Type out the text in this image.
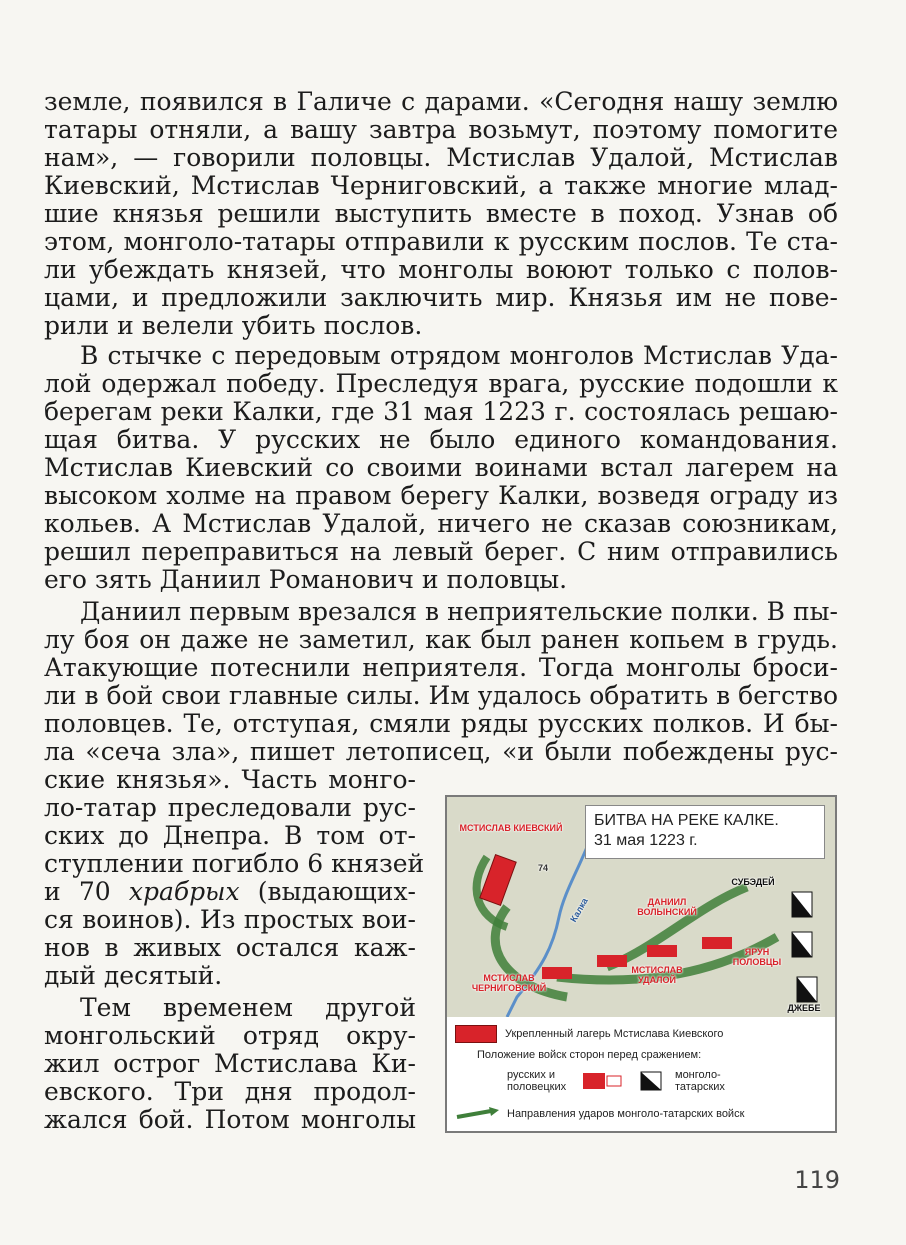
земле, появился в Галиче с дарами. «Сегодня нашу землю
татары отняли, а вашу завтра возьмут, поэтому помогите
нам», — говорили половцы. Мстислав Удалой, Мстислав
Киевский, Мстислав Черниговский, а также многие млад-
шие князья решили выступить вместе в поход. Узнав об
этом, монголо-татары отправили к русским послов. Те ста-
ли убеждать князей, что монголы воюют только с полов-
цами, и предложили заключить мир. Князья им не пове-
рили и велели убить послов.
В стычке с передовым отрядом монголов Мстислав Уда-
лой одержал победу. Преследуя врага, русские подошли к
берегам реки Калки, где 31 мая 1223 г. состоялась решаю-
щая битва. У русских не было единого командования.
Мстислав Киевский со своими воинами встал лагерем на
высоком холме на правом берегу Калки, возведя ограду из
кольев. А Мстислав Удалой, ничего не сказав союзникам,
решил переправиться на левый берег. С ним отправились
его зять Даниил Романович и половцы.
Даниил первым врезался в неприятельские полки. В пы-
лу боя он даже не заметил, как был ранен копьем в грудь.
Атакующие потеснили неприятеля. Тогда монголы броси-
ли в бой свои главные силы. Им удалось обратить в бегство
половцев. Те, отступая, смяли ряды русских полков. И бы-
ла «сеча зла», пишет летописец, «и были побеждены рус-
ские князья». Часть монго-
ло-татар преследовали рус-
ских до Днепра. В том от-
ступлении погибло 6 князей
и 70 храбрых (выдающих-
ся воинов). Из простых вои-
нов в живых остался каж-
дый десятый.
Тем временем другой
монгольский отряд окру-
жил острог Мстислава Ки-
евского. Три дня продол-
жался бой. Потом монголы
БИТВА НА РЕКЕ КАЛКЕ.
31 мая 1223 г.
МСТИСЛАВ КИЕВСКИЙ
74
Калка
СУБЭДЕЙ
ДАНИИЛ ВОЛЫНСКИЙ
ЯРУН ПОЛОВЦЫ
МСТИСЛАВ УДАЛОЙ
МСТИСЛАВ ЧЕРНИГОВСКИЙ
ДЖЕБЕ
Укрепленный лагерь Мстислава Киевского
Положение войск сторон перед сражением:
русских и половецких
монголо-татарских
Направления ударов монголо-татарских войск
119
